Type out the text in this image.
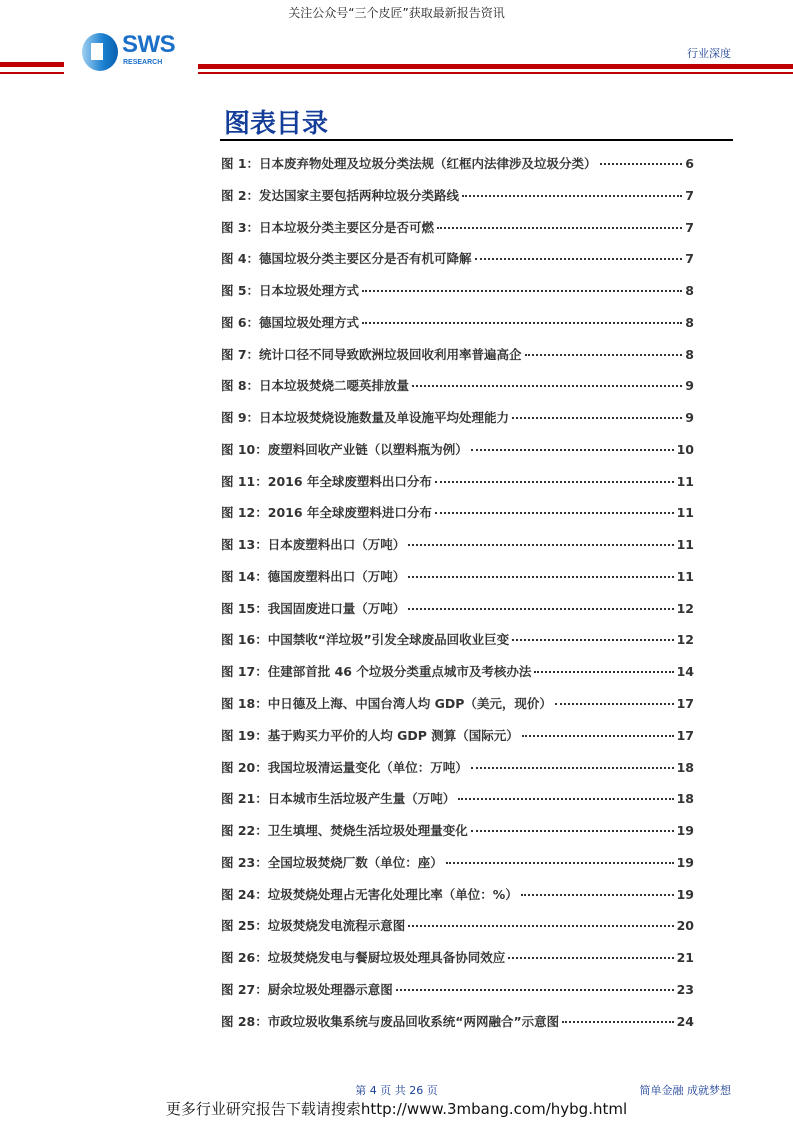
关注公众号“三个皮匠”获取最新报告资讯
SWS
RESEARCH
行业深度
图表目录
图 1：日本废弃物处理及垃圾分类法规（红框内法律涉及垃圾分类）	6
图 2：发达国家主要包括两种垃圾分类路线	7
图 3：日本垃圾分类主要区分是否可燃	7
图 4：德国垃圾分类主要区分是否有机可降解	7
图 5：日本垃圾处理方式	8
图 6：德国垃圾处理方式	8
图 7：统计口径不同导致欧洲垃圾回收利用率普遍高企	8
图 8：日本垃圾焚烧二噁英排放量	9
图 9：日本垃圾焚烧设施数量及单设施平均处理能力	9
图 10：废塑料回收产业链（以塑料瓶为例）	10
图 11：2016 年全球废塑料出口分布	11
图 12：2016 年全球废塑料进口分布	11
图 13：日本废塑料出口（万吨）	11
图 14：德国废塑料出口（万吨）	11
图 15：我国固废进口量（万吨）	12
图 16：中国禁收“洋垃圾”引发全球废品回收业巨变	12
图 17：住建部首批 46 个垃圾分类重点城市及考核办法	14
图 18：中日德及上海、中国台湾人均 GDP（美元，现价）	17
图 19：基于购买力平价的人均 GDP 测算（国际元）	17
图 20：我国垃圾清运量变化（单位：万吨）	18
图 21：日本城市生活垃圾产生量（万吨）	18
图 22：卫生填埋、焚烧生活垃圾处理量变化	19
图 23：全国垃圾焚烧厂数（单位：座）	19
图 24：垃圾焚烧处理占无害化处理比率（单位：%）	19
图 25：垃圾焚烧发电流程示意图	20
图 26：垃圾焚烧发电与餐厨垃圾处理具备协同效应	21
图 27：厨余垃圾处理器示意图	23
图 28：市政垃圾收集系统与废品回收系统“两网融合”示意图	24
第 4 页 共 26 页	简单金融 成就梦想
更多行业研究报告下载请搜索http://www.3mbang.com/hybg.html
